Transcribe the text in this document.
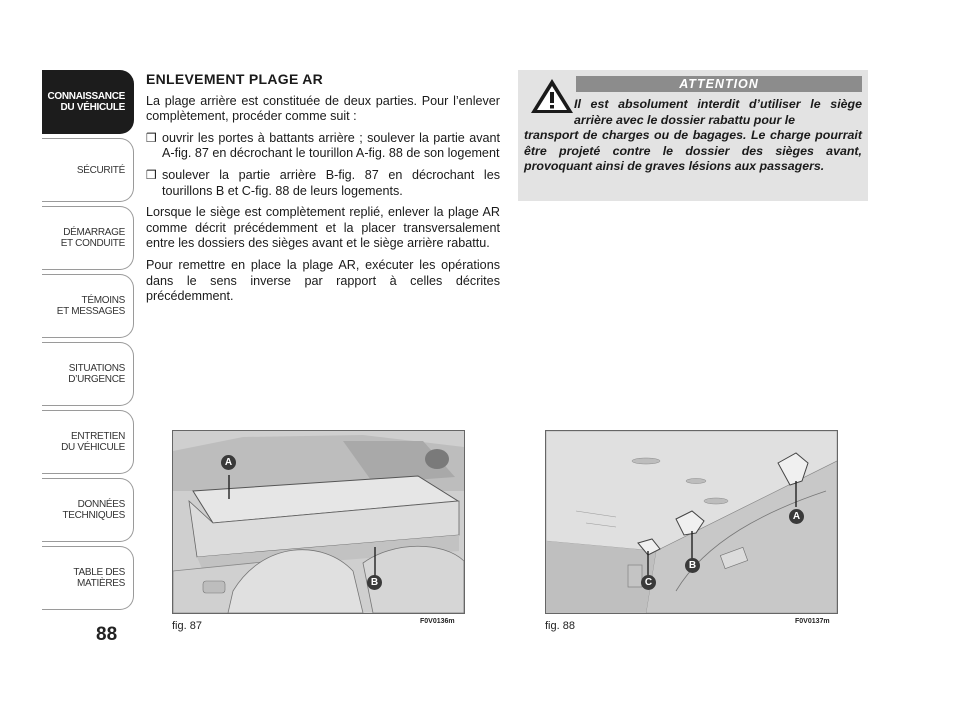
CONNAISSANCE
DU VÉHICULE
SÉCURITÉ
DÉMARRAGE
ET CONDUITE
TÉMOINS
ET MESSAGES
SITUATIONS
D’URGENCE
ENTRETIEN
DU VÉHICULE
DONNÉES
TECHNIQUES
TABLE DES
MATIÈRES
88
ENLEVEMENT PLAGE AR

La plage arrière est constituée de deux parties. Pour l’enlever complètement, procéder comme suit :

❒ ouvrir les portes à battants arrière ; soulever la partie avant A-fig. 87 en décrochant le tourillon A-fig. 88 de son logement
❒ soulever la partie arrière B-fig. 87 en décrochant les tourillons B et C-fig. 88 de leurs logements.

Lorsque le siège est complètement replié, enlever la plage AR comme décrit précédemment et la placer transversalement entre les dossiers des sièges avant et le siège arrière rabattu.

Pour remettre en place la plage AR, exécuter les opérations dans le sens inverse par rapport à celles décrites précédemment.

ATTENTION
Il est absolument interdit d’utiliser le siège arrière avec le dossier rabattu pour le
transport de charges ou de bagages. Le charge pourrait être projeté contre le dossier des sièges avant, provoquant ainsi de graves lésions aux passagers.
A
B
fig. 87	F0V0136m
A
B
C
fig. 88	F0V0137m
